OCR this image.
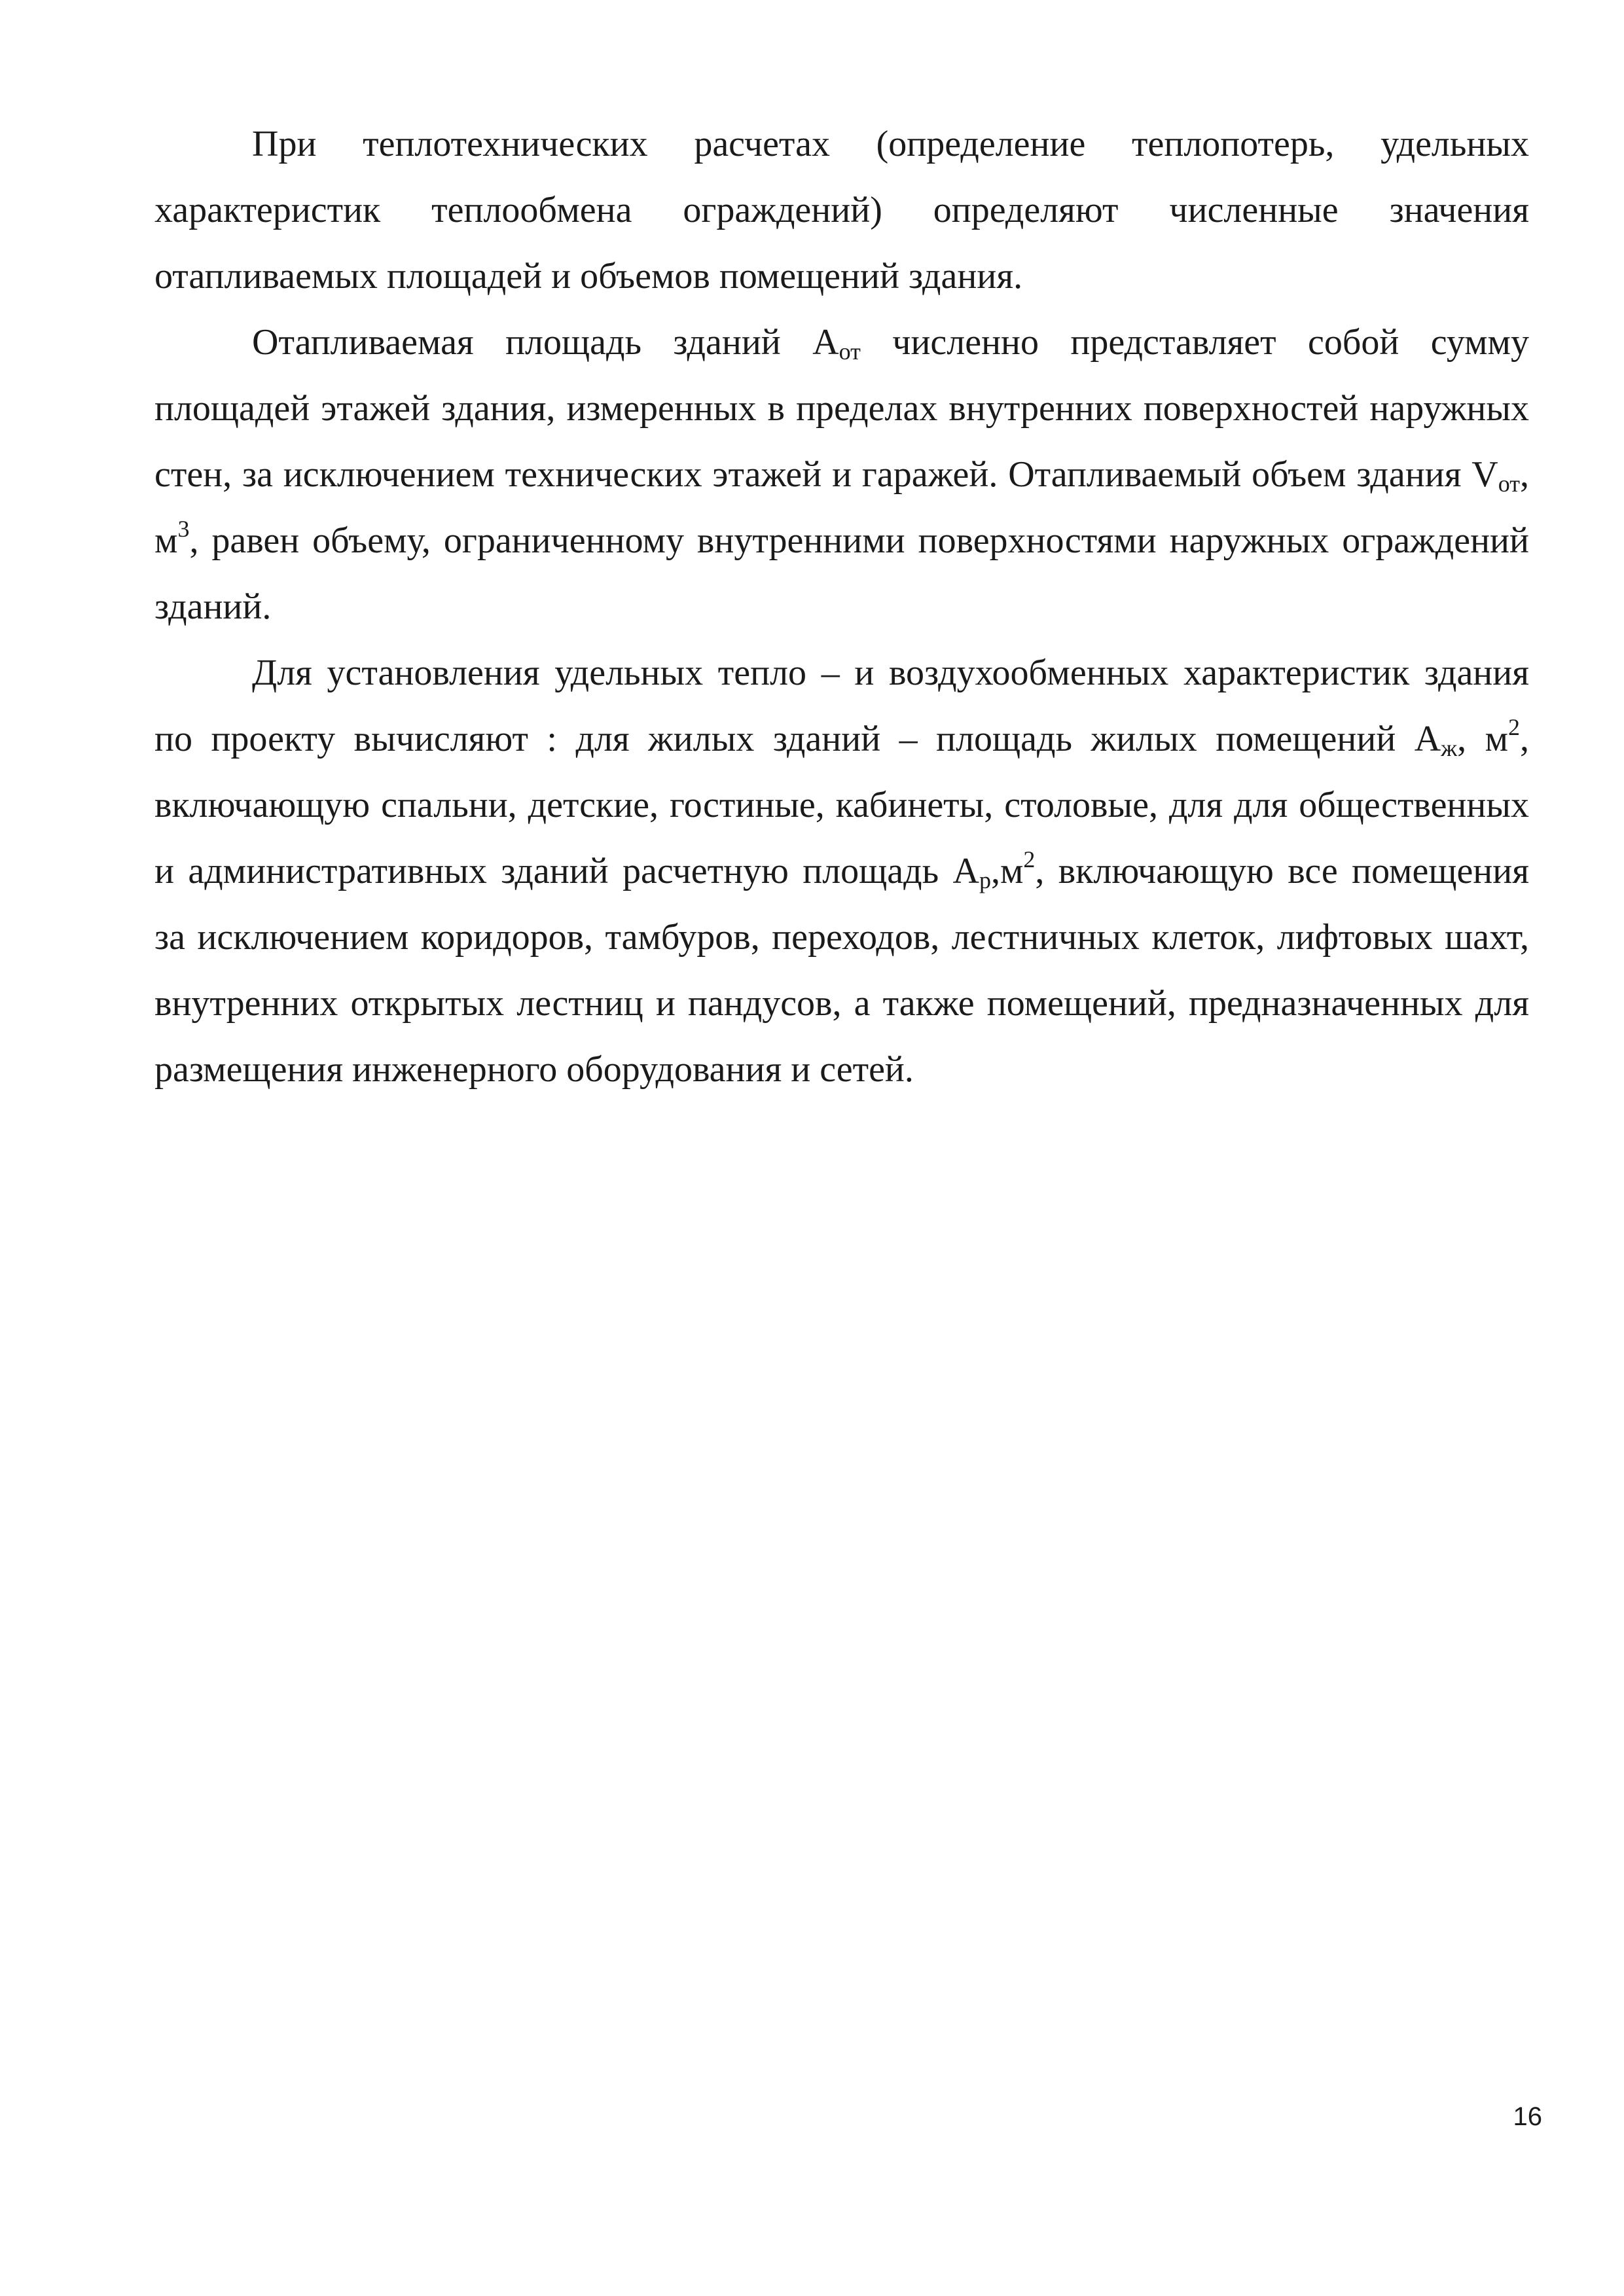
При теплотехнических расчетах (определение теплопотерь, удельных характеристик теплообмена ограждений) определяют численные значения отапливаемых площадей и объемов помещений здания.

Отапливаемая площадь зданий $А_{от}$ численно представляет собой сумму площадей этажей здания, измеренных в пределах внутренних поверхностей наружных стен, за исключением технических этажей и гаражей. Отапливаемый объем здания $V_{от}$, $м^3$, равен объему, ограниченному внутренними поверхностями наружных ограждений зданий.

Для установления удельных тепло – и воздухообменных характеристик здания по проекту вычисляют : для жилых зданий – площадь жилых помещений $А_ж$, $м^2$, включающую спальни, детские, гостиные, кабинеты, столовые, для для общественных и административных зданий расчетную площадь $А_р,м^2$, включающую все помещения за исключением коридоров, тамбуров, переходов, лестничных клеток, лифтовых шахт, внутренних открытых лестниц и пандусов, а также помещений, предназначенных для размещения инженерного оборудования и сетей.

16
